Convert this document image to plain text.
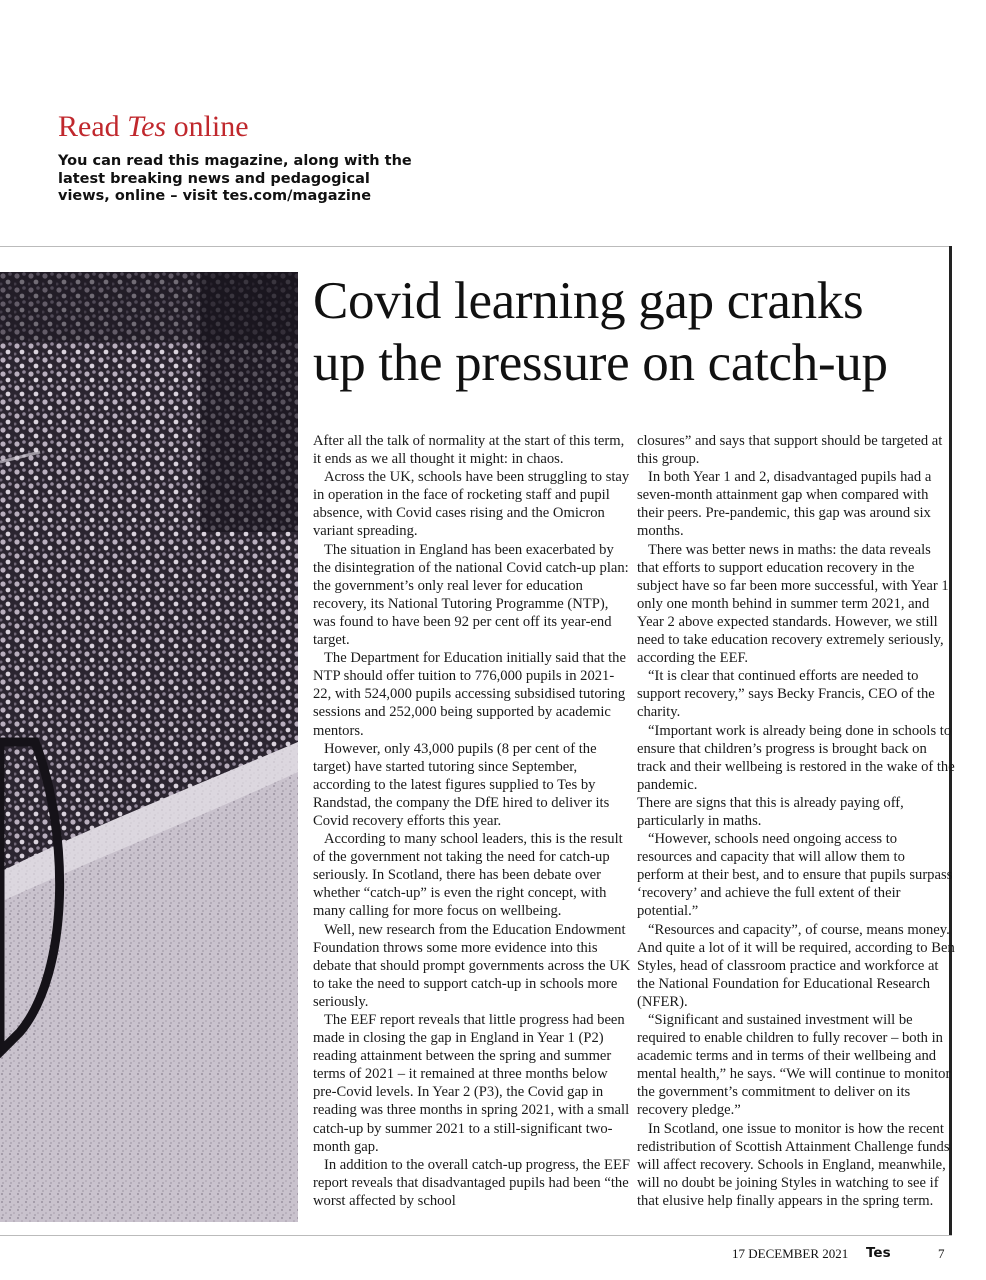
Read Tes online
You can read this magazine, along with the latest breaking news and pedagogical views, online – visit tes.com/magazine
Covid learning gap cranks
up the pressure on catch-up

After all the talk of normality at the start of this term, it ends as we all thought it might: in chaos.

Across the UK, schools have been struggling to stay in operation in the face of rocketing staff and pupil absence, with Covid cases rising and the Omicron variant spreading.

The situation in England has been exacerbated by the disintegration of the national Covid catch-up plan: the government’s only real lever for education recovery, its National Tutoring Programme (NTP), was found to have been 92 per cent off its year-end target.

The Department for Education initially said that the NTP should offer tuition to 776,000 pupils in 2021-22, with 524,000 pupils accessing subsidised tutoring sessions and 252,000 being supported by academic mentors.

However, only 43,000 pupils (8 per cent of the target) have started tutoring since September, according to the latest figures supplied to Tes by Randstad, the company the DfE hired to deliver its Covid recovery efforts this year.

According to many school leaders, this is the result of the government not taking the need for catch-up seriously. In Scotland, there has been debate over whether “catch-up” is even the right concept, with many calling for more focus on wellbeing.

Well, new research from the Education Endowment Foundation throws some more evidence into this debate that should prompt governments across the UK to take the need to support catch-up in schools more seriously.

The EEF report reveals that little progress had been made in closing the gap in England in Year 1 (P2) reading attainment between the spring and summer terms of 2021 – it remained at three months below pre-Covid levels. In Year 2 (P3), the Covid gap in reading was three months in spring 2021, with a small catch-up by summer 2021 to a still-significant two-month gap.

In addition to the overall catch-up progress, the EEF report reveals that disadvantaged pupils had been “the worst affected by school

closures” and says that support should be targeted at this group.

In both Year 1 and 2, disadvantaged pupils had a seven-month attainment gap when compared with their peers. Pre-pandemic, this gap was around six months.

There was better news in maths: the data reveals that efforts to support education recovery in the subject have so far been more successful, with Year 1 only one month behind in summer term 2021, and Year 2 above expected standards. However, we still need to take education recovery extremely seriously, according the EEF.

“It is clear that continued efforts are needed to support recovery,” says Becky Francis, CEO of the charity.

“Important work is already being done in schools to ensure that children’s progress is brought back on track and their wellbeing is restored in the wake of the pandemic.

There are signs that this is already paying off, particularly in maths.

“However, schools need ongoing access to resources and capacity that will allow them to perform at their best, and to ensure that pupils surpass ‘recovery’ and achieve the full extent of their potential.”

“Resources and capacity”, of course, means money. And quite a lot of it will be required, according to Ben Styles, head of classroom practice and workforce at the National Foundation for Educational Research (NFER).

“Significant and sustained investment will be required to enable children to fully recover – both in academic terms and in terms of their wellbeing and mental health,” he says. “We will continue to monitor the government’s commitment to deliver on its recovery pledge.”

In Scotland, one issue to monitor is how the recent redistribution of Scottish Attainment Challenge funds will affect recovery. Schools in England, meanwhile, will no doubt be joining Styles in watching to see if that elusive help finally appears in the spring term.

17 DECEMBER 2021 Tes	7
